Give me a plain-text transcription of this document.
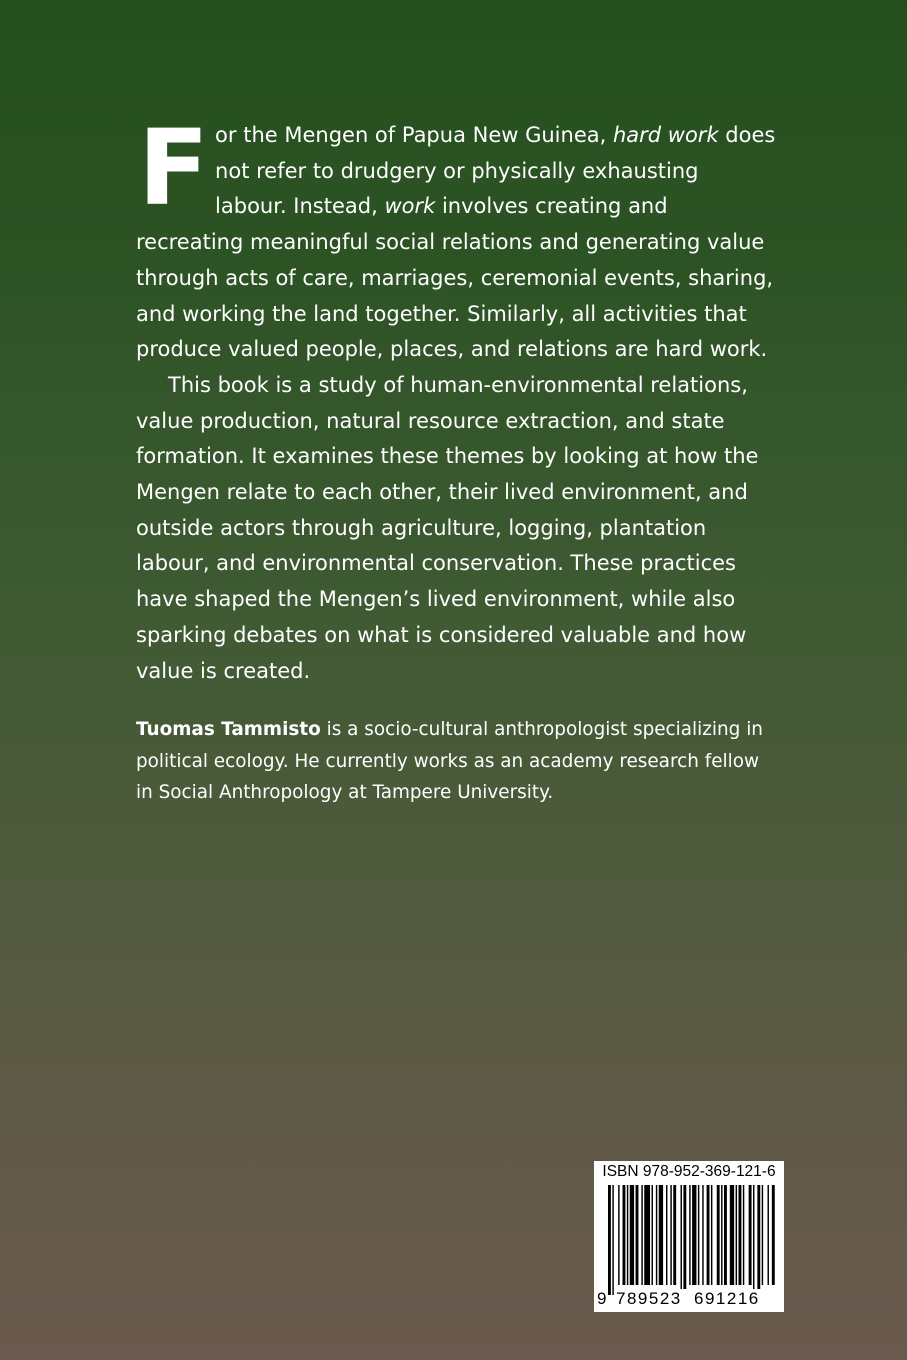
For the Mengen of Papua New Guinea, hard work does not refer to drudgery or physically exhausting labour. Instead, work involves creating and recreating meaningful social relations and generating value through acts of care, marriages, ceremonial events, sharing, and working the land together. Similarly, all activities that produce valued people, places, and relations are hard work.

This book is a study of human-environmental relations, value production, natural resource extraction, and state formation. It examines these themes by looking at how the Mengen relate to each other, their lived environment, and outside actors through agriculture, logging, plantation labour, and environmental conservation. These practices have shaped the Mengen’s lived environment, while also sparking debates on what is considered valuable and how value is created.

Tuomas Tammisto is a socio-cultural anthropologist specializing in political ecology. He currently works as an academy research fellow in Social Anthropology at Tampere University.

ISBN 978-952-369-121-6
9 789523 691216
